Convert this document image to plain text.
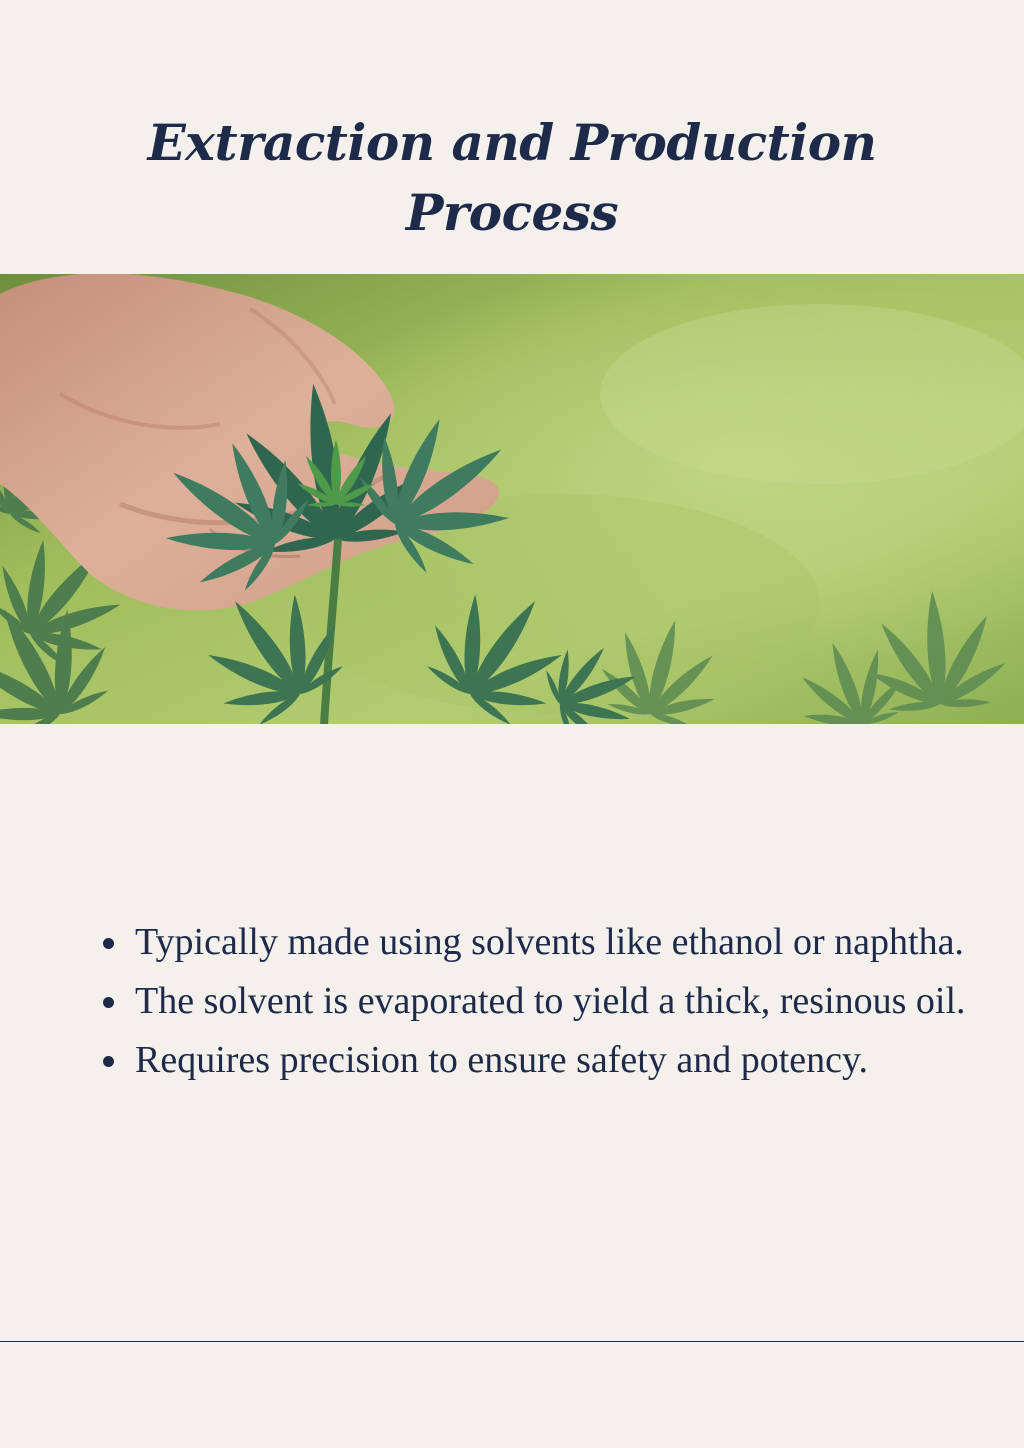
Extraction and Production Process
Typically made using solvents like ethanol or naphtha.
The solvent is evaporated to yield a thick, resinous oil.
Requires precision to ensure safety and potency.
